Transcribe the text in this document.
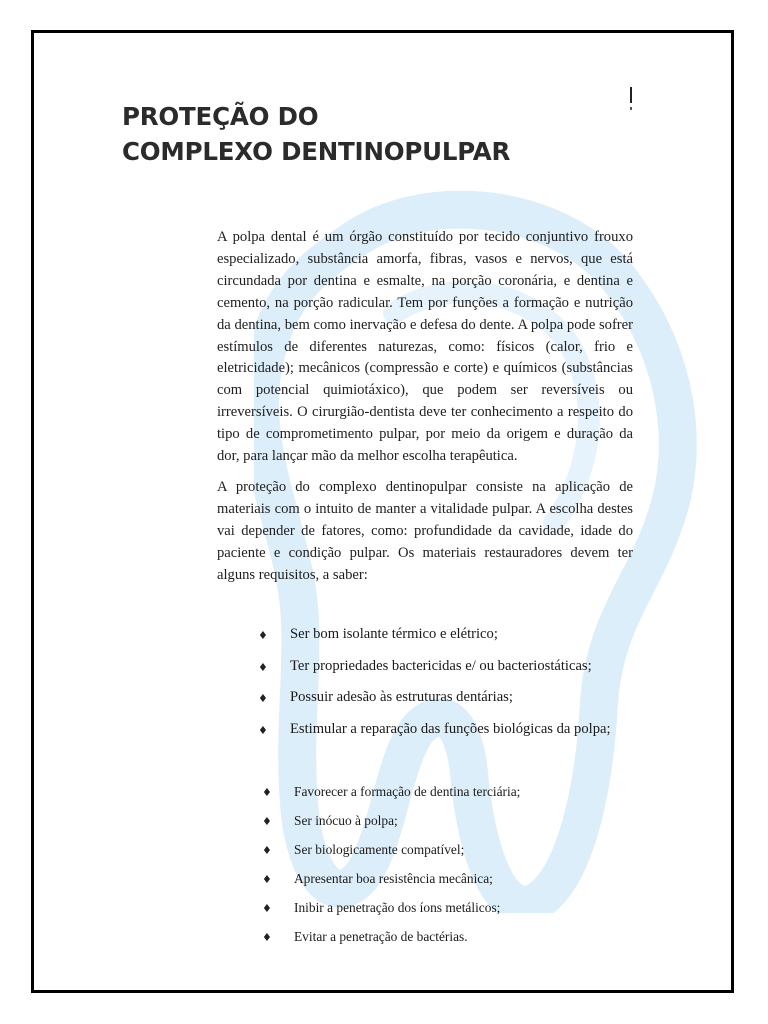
PROTEÇÃO DO
COMPLEXO DENTINOPULPAR

A polpa dental é um órgão constituído por tecido conjuntivo frouxo especializado, substância amorfa, fibras, vasos e nervos, que está circundada por dentina e esmalte, na porção coronária, e dentina e cemento, na porção radicular. Tem por funções a formação e nutrição da dentina, bem como inervação e defesa do dente. A polpa pode sofrer estímulos de diferentes naturezas, como: físicos (calor, frio e eletricidade); mecânicos (compressão e corte) e químicos (substâncias com potencial quimiotáxico), que podem ser reversíveis ou irreversíveis. O cirurgião-dentista deve ter conhecimento a respeito do tipo de comprometimento pulpar, por meio da origem e duração da dor, para lançar mão da melhor escolha terapêutica.

A proteção do complexo dentinopulpar consiste na aplicação de materiais com o intuito de manter a vitalidade pulpar. A escolha destes vai depender de fatores, como: profundidade da cavidade, idade do paciente e condição pulpar. Os materiais restauradores devem ter alguns requisitos, a saber:

♦ Ser bom isolante térmico e elétrico;
♦ Ter propriedades bactericidas e/ ou bacteriostáticas;
♦ Possuir adesão às estruturas dentárias;
♦ Estimular a reparação das funções biológicas da polpa;
♦ Favorecer a formação de dentina terciária;
♦ Ser inócuo à polpa;
♦ Ser biologicamente compatível;
♦ Apresentar boa resistência mecânica;
♦ Inibir a penetração dos íons metálicos;
♦ Evitar a penetração de bactérias.
